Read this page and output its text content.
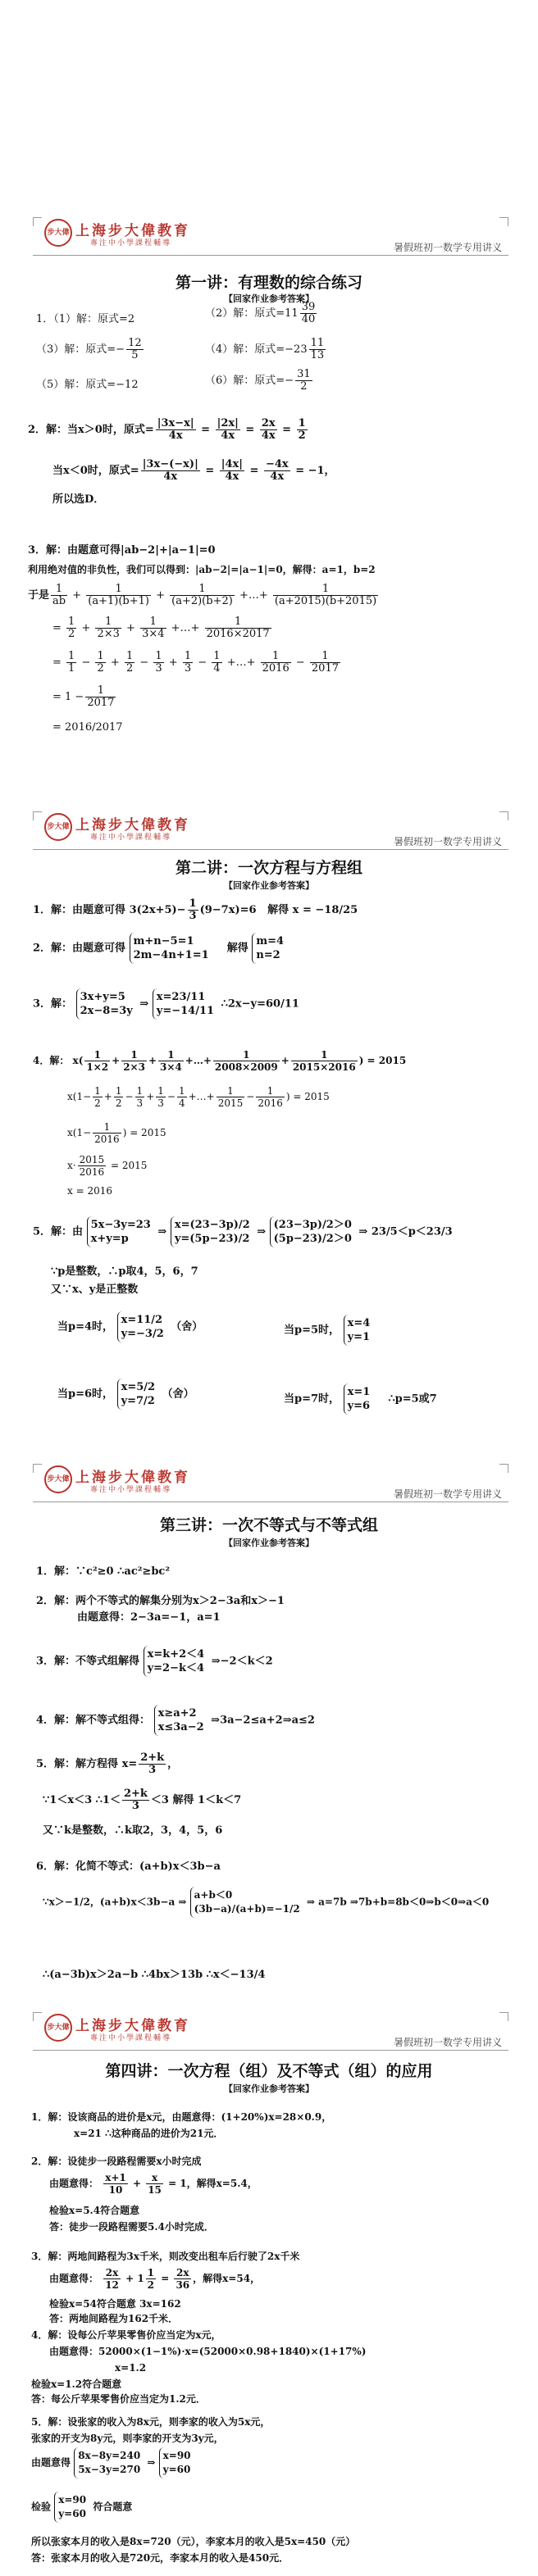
步大偉 上海步大偉教育
專注中小學課程輔導	暑假班初一数学专用讲义
第一讲：有理数的综合练习
【回家作业参考答案】
1．（1）解：原式=2	（2）解：原式$=11 \frac{39}{40}$
（3）解：原式=− $\frac{12}{5}$	（4）解：原式$=-23 \frac{11}{13}$
（5）解：原式=−12	（6）解：原式=− $\frac{31}{2}$
2．解：当x＞0时，原式= $\frac{|3x-x|}{4x} = \frac{|2x|}{4x} = \frac{2x}{4x} = \frac{1}{2}$
当x＜0时，原式= $\frac{|3x-(-x)|}{4x} = \frac{|4x|}{4x} = \frac{-4x}{4x} = -1$，
所以选D．
3．解：由题意可得|ab−2|+|a−1|=0
利用绝对值的非负性，我们可以得到：|ab−2|=|a−1|=0，解得：a=1，b=2
于是 $\frac{1}{ab} + \frac{1}{(a+1)(b+1)} + \frac{1}{(a+2)(b+2)}$ +…+ $\frac{1}{(a+2015)(b+2015)}$
= $\frac{1}{2} + \frac{1}{2\times 3} + \frac{1}{3\times 4}$ +…+ $\frac{1}{2016\times 2017}$
= $\frac{1}{1} - \frac{1}{2} + \frac{1}{2} - \frac{1}{3} + \frac{1}{3} - \frac{1}{4}$ +…+ $\frac{1}{2016} - \frac{1}{2017}$
= $1 - \frac{1}{2017}$
= 2016/2017
步大偉 上海步大偉教育
專注中小學課程輔導	暑假班初一数学专用讲义
第二讲：一次方程与方程组
【回家作业参考答案】
1．解：由题意可得 $3(2x+5)- \frac{1}{3} (9-7x)=6$   解得 x = −18/25
2．解：由题意可得
m+n−5=1
2m−4n+1=1
解得
m=4
n=2
3．解：
3x+y=5
2x−8=3y
⇒
x=23/11
y=−14/11
∴2x−y=60/11
4．解： $x( \frac{1}{1\times 2} + \frac{1}{2\times 3} + \frac{1}{3\times 4}$ +…+ $\frac{1}{2008\times 2009} + \frac{1}{2015\times 2016}$ ) = 2015
$x(1- \frac{1}{2} + \frac{1}{2} - \frac{1}{3} + \frac{1}{3} - \frac{1}{4}$ +…+ $\frac{1}{2015} - \frac{1}{2016}$ ) = 2015
$x(1- \frac{1}{2016}$ ) = 2015
$x\cdot \frac{2015}{2016} = 2015$
x = 2016
5．解：由
5x−3y=23
x+y=p
⇒
x=(23−3p)/2
y=(5p−23)/2
⇒
(23−3p)/2＞0
(5p−23)/2＞0
⇒ 23/5＜p＜23/3
∵p是整数，∴p取4，5，6，7
又∵x、y是正整数
当p=4时，
x=11/2
y=−3/2
（舍）	当p=5时，
x=4
y=1
当p=6时，
x=5/2
y=7/2
（舍）	当p=7时，
x=1
y=6
∴p=5或7
步大偉 上海步大偉教育
專注中小學課程輔導	暑假班初一数学专用讲义
第三讲：一次不等式与不等式组
【回家作业参考答案】
1．解：∵c²≥0 ∴ac²≥bc²
2．解：两个不等式的解集分别为x＞2−3a和x＞−1
由题意得：2−3a=−1，a=1
3．解：不等式组解得
x=k+2＜4
y=2−k＜4
⇒−2＜k＜2
4．解：解不等式组得：
x≥a+2
x≤3a−2
⇒3a−2≤a+2⇒a≤2
5．解：解方程得 $x= \frac{2+k}{3}$ ，
∵1＜x＜3 ∴1＜ $\frac{2+k}{3} <3$ 解得 1＜k＜7
又∵k是整数，∴k取2，3，4，5，6
6．解：化简不等式：(a+b)x＜3b−a
∵x＞−1/2，(a+b)x＜3b−a ⇒
a+b＜0
(3b−a)/(a+b)=−1/2
⇒ a=7b ⇒7b+b=8b＜0⇒b＜0⇒a＜0
∴(a−3b)x＞2a−b ∴4bx＞13b ∴x＜−13/4
步大偉 上海步大偉教育
專注中小學課程輔導	暑假班初一数学专用讲义
第四讲：一次方程（组）及不等式（组）的应用
【回家作业参考答案】
1．解：设该商品的进价是x元，由题意得：(1+20%)x=28×0.9，
x=21 ∴这种商品的进价为21元．
2．解：设徒步一段路程需要x小时完成
由题意得： $\frac{x+1}{10} + \frac{x}{15} = 1$，解得x=5.4，
检验x=5.4符合题意
答：徒步一段路程需要5.4小时完成．
3．解：两地间路程为3x千米，则改变出租车后行驶了2x千米
由题意得： $\frac{2x}{12} + 1 \frac{1}{2} = \frac{2x}{36}$ ，解得x=54，
检验x=54符合题意 3x=162
答：两地间路程为162千米．
4．解：设每公斤苹果零售价应当定为x元，
由题意得：52000×(1−1%)·x=(52000×0.98+1840)×(1+17%)
x=1.2
检验x=1.2符合题意
答：每公斤苹果零售价应当定为1.2元．
5．解：设张家的收入为8x元，则李家的收入为5x元，
张家的开支为8y元，则李家的开支为3y元，
由题意得
8x−8y=240
5x−3y=270
⇒
x=90
y=60
检验
x=90
y=60
符合题意
所以张家本月的收入是8x=720（元），李家本月的收入是5x=450（元）
答：张家本月的收入是720元，李家本月的收入是450元．
